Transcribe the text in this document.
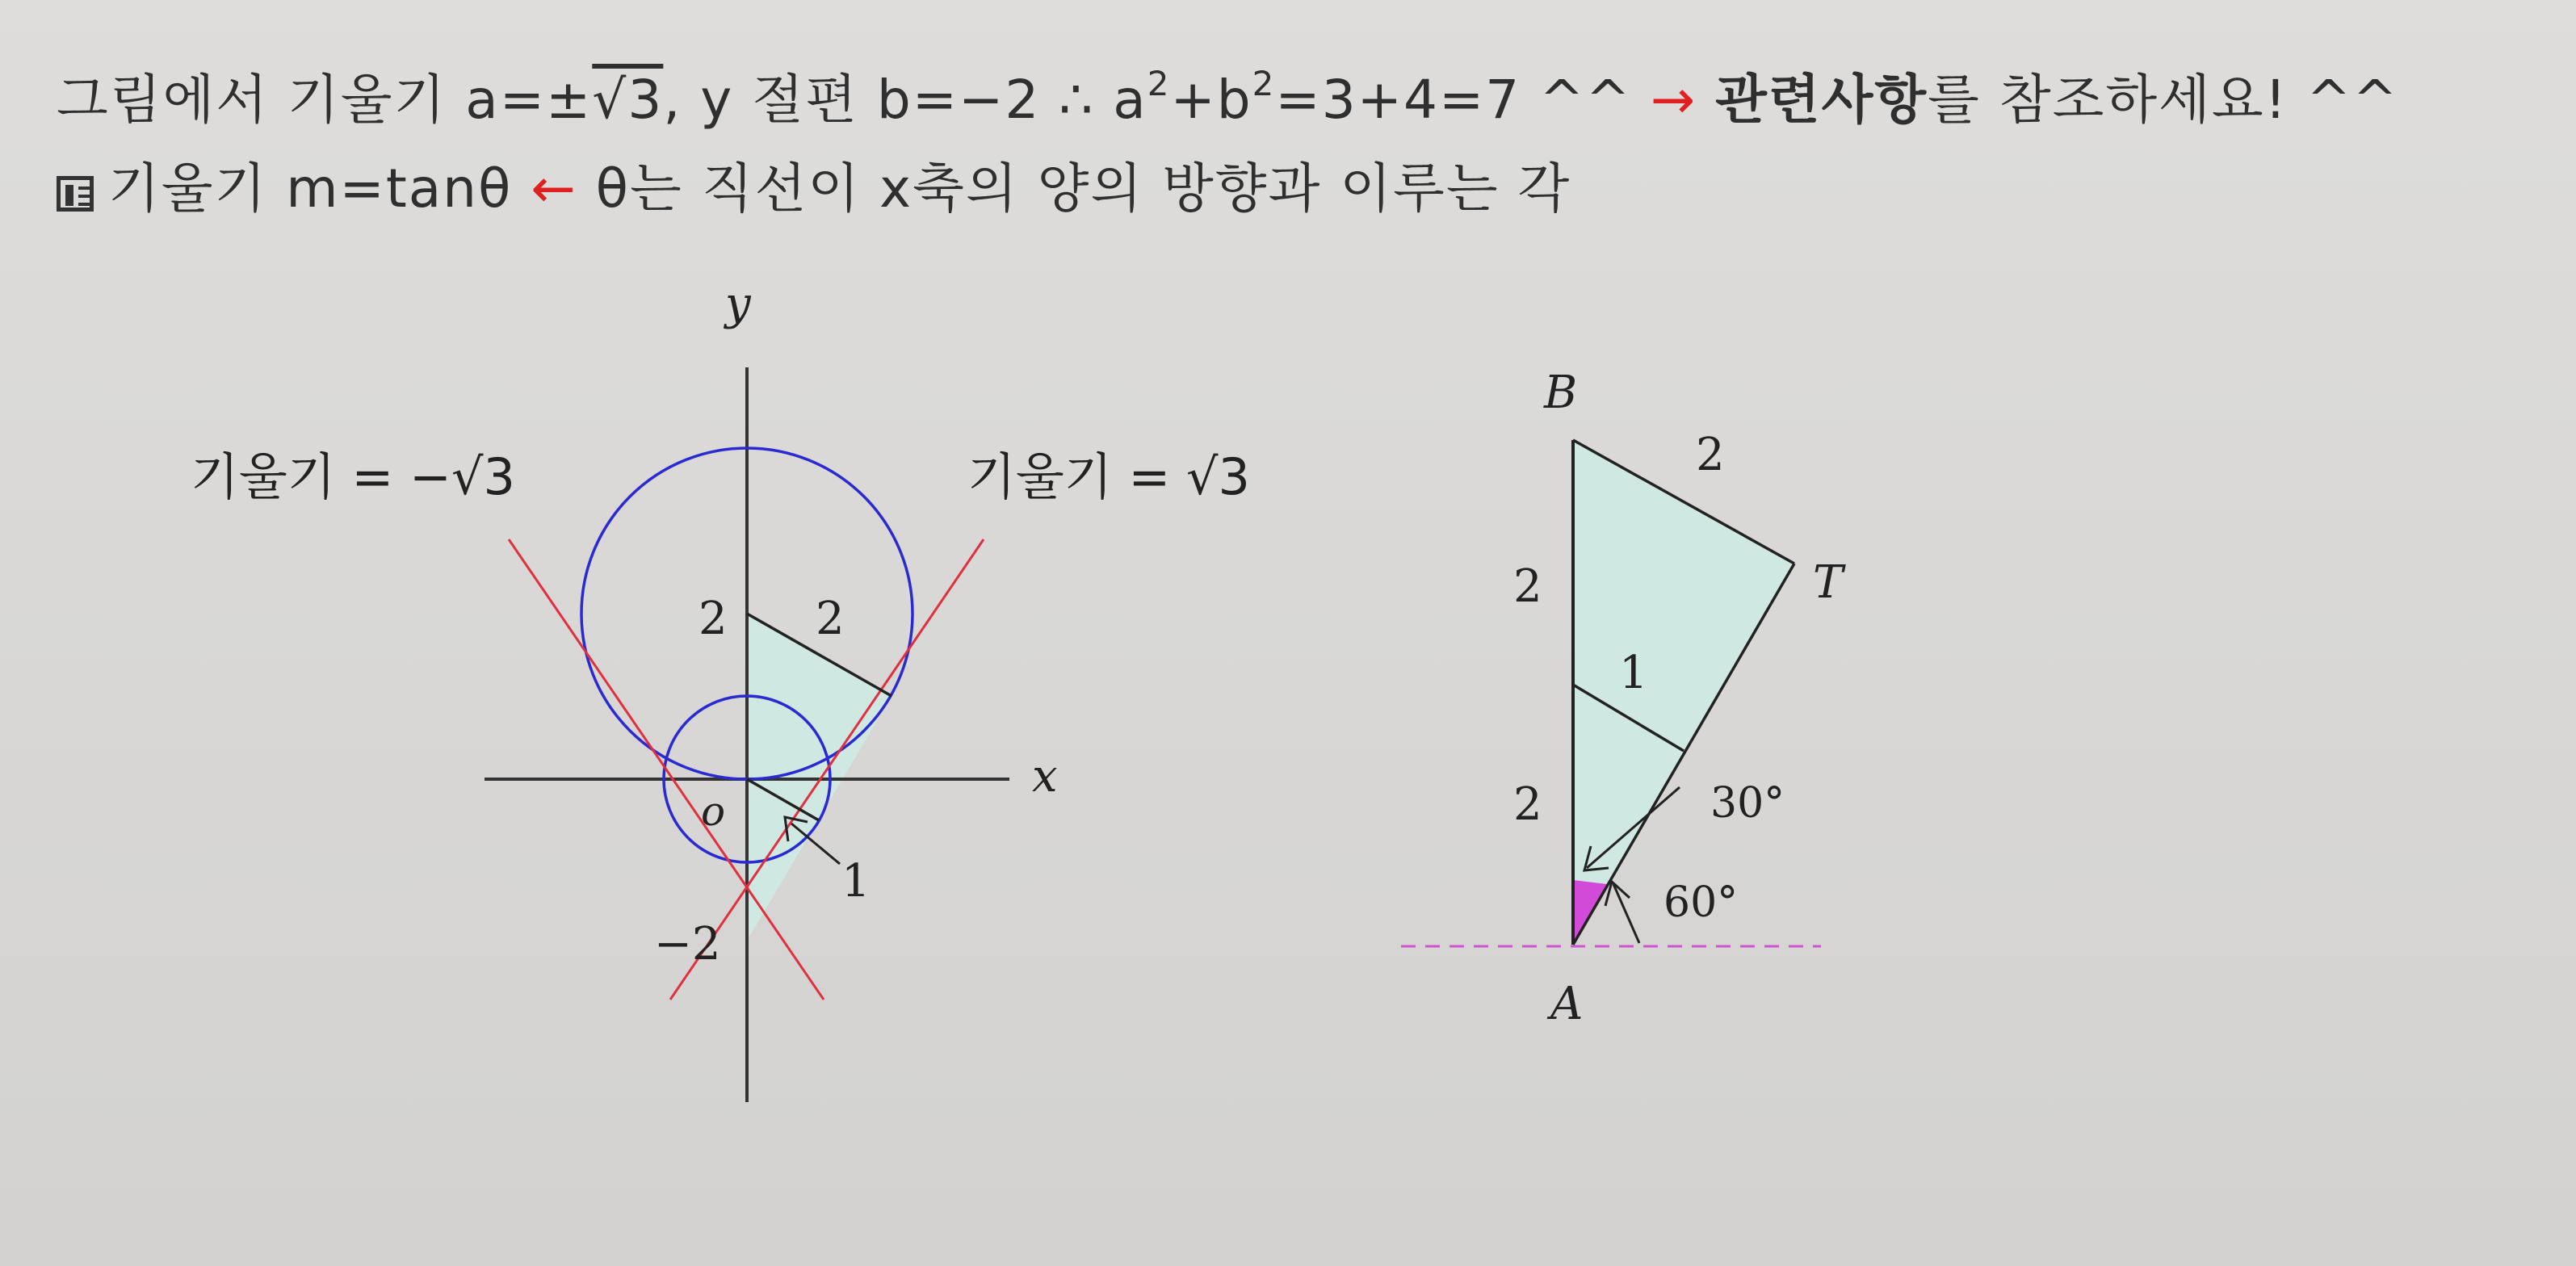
그림에서 기울기 a=±√3, y 절편 b=−2 ∴ $a^2+b^2=3+4=7$ ^^ → 관련사항를 참조하세요! ^^
기울기 m=tanθ ← θ는 직선이 x축의 양의 방향과 이루는 각
y
x
o
기울기 = −√3	기울기 = √3
2 2
−2
1
B
T
A
2
2
2
1
30°
60°
